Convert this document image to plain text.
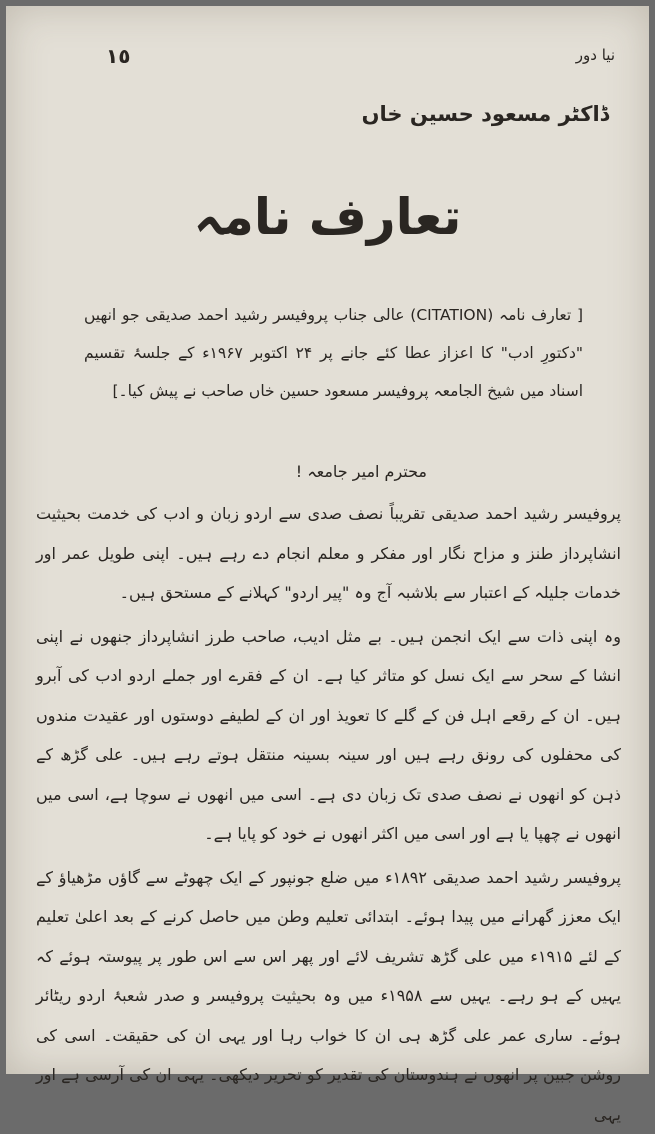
١٥	نیا دور
ڈاکٹر مسعود حسین خاں
تعارف نامہ

[ تعارف نامہ (CITATION) عالی جناب پروفیسر رشید احمد صدیقی جو انھیں "دکتورِ ادب" کا اعزاز عطا کئے جانے پر ۲۴ اکتوبر ۱۹۶۷ء کے جلسۂ تقسیم اسناد میں شیخ الجامعہ پروفیسر مسعود حسین خاں صاحب نے پیش کیا۔]

محترم امیر جامعہ !

پروفیسر رشید احمد صدیقی تقریباً نصف صدی سے اردو زبان و ادب کی خدمت بحیثیت انشاپرداز طنز و مزاح نگار اور مفکر و معلم انجام دے رہے ہیں۔ اپنی طویل عمر اور خدمات جلیلہ کے اعتبار سے بلاشبہ آج وہ "پیر اردو" کہلانے کے مستحق ہیں۔

وہ اپنی ذات سے ایک انجمن ہیں۔ بے مثل ادیب، صاحب طرز انشاپرداز جنھوں نے اپنی انشا کے سحر سے ایک نسل کو متاثر کیا ہے۔ ان کے فقرے اور جملے اردو ادب کی آبرو ہیں۔ ان کے رقعے اہل فن کے گلے کا تعویذ اور ان کے لطیفے دوستوں اور عقیدت مندوں کی محفلوں کی رونق رہے ہیں اور سینہ بسینہ منتقل ہوتے رہے ہیں۔ علی گڑھ کے ذہن کو انھوں نے نصف صدی تک زبان دی ہے۔ اسی میں انھوں نے سوچا ہے، اسی میں انھوں نے چھپا یا ہے اور اسی میں اکثر انھوں نے خود کو پایا ہے۔

پروفیسر رشید احمد صدیقی ۱۸۹۲ء میں ضلع جونپور کے ایک چھوٹے سے گاؤں مڑھیاؤ کے ایک معزز گھرانے میں پیدا ہوئے۔ ابتدائی تعلیم وطن میں حاصل کرنے کے بعد اعلیٰ تعلیم کے لئے ۱۹۱۵ء میں علی گڑھ تشریف لائے اور پھر اس سے اس طور پر پیوستہ ہوئے کہ یہیں کے ہو رہے۔ یہیں سے ۱۹۵۸ء میں وہ بحیثیت پروفیسر و صدر شعبۂ اردو ریٹائر ہوئے۔ ساری عمر علی گڑھ ہی ان کا خواب رہا اور یہی ان کی حقیقت۔ اسی کی روشن جبین پر انھوں نے ہندوستان کی تقدیر کو تحریر دیکھی۔ یہی ان کی آرسی ہے اور یہی
